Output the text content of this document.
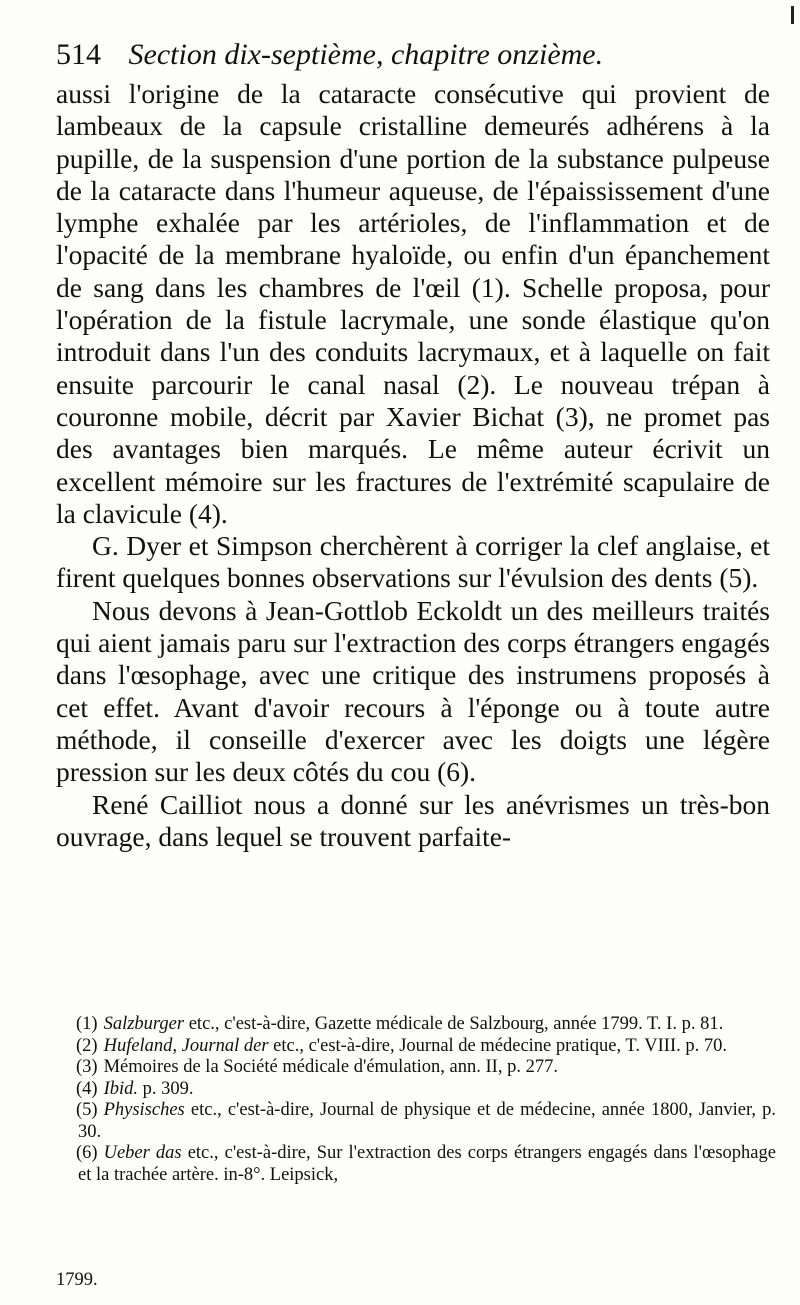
514 Section dix-septième, chapitre onzième.

aussi l'origine de la cataracte consécutive qui provient de lambeaux de la capsule cristalline demeurés adhérens à la pupille, de la suspension d'une portion de la substance pulpeuse de la cataracte dans l'humeur aqueuse, de l'épaississement d'une lymphe exhalée par les artérioles, de l'inflammation et de l'opacité de la membrane hyaloïde, ou enfin d'un épanchement de sang dans les chambres de l'œil (1). Schelle proposa, pour l'opération de la fistule lacrymale, une sonde élastique qu'on introduit dans l'un des conduits lacrymaux, et à laquelle on fait ensuite parcourir le canal nasal (2). Le nouveau trépan à couronne mobile, décrit par Xavier Bichat (3), ne promet pas des avantages bien marqués. Le même auteur écrivit un excellent mémoire sur les fractures de l'extrémité scapulaire de la clavicule (4).

G. Dyer et Simpson cherchèrent à corriger la clef anglaise, et firent quelques bonnes observations sur l'évulsion des dents (5).

Nous devons à Jean-Gottlob Eckoldt un des meilleurs traités qui aient jamais paru sur l'extraction des corps étrangers engagés dans l'œsophage, avec une critique des instrumens proposés à cet effet. Avant d'avoir recours à l'éponge ou à toute autre méthode, il conseille d'exercer avec les doigts une légère pression sur les deux côtés du cou (6).

René Cailliot nous a donné sur les anévrismes un très-bon ouvrage, dans lequel se trouvent parfaite-

(1) Salzburger etc., c'est-à-dire, Gazette médicale de Salzbourg, année 1799. T. I. p. 81.
(2) Hufeland, Journal der etc., c'est-à-dire, Journal de médecine pratique, T. VIII. p. 70.
(3) Mémoires de la Société médicale d'émulation, ann. II, p. 277.
(4) Ibid. p. 309.
(5) Physisches etc., c'est-à-dire, Journal de physique et de médecine, année 1800, Janvier, p. 30.
(6) Ueber das etc., c'est-à-dire, Sur l'extraction des corps étrangers engagés dans l'œsophage et la trachée artère. in-8°. Leipsick,
1799.
